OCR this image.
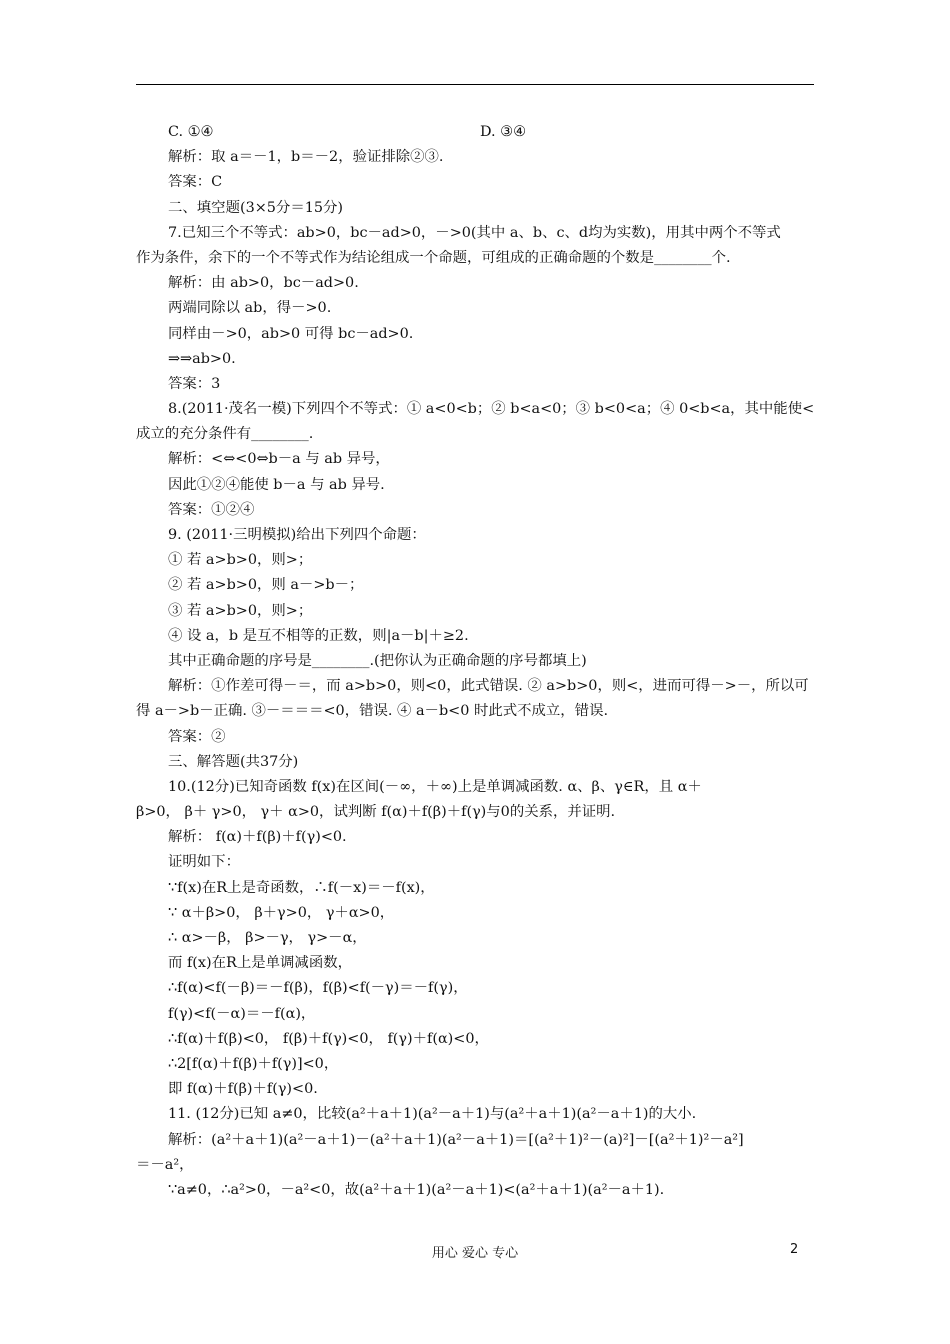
C. ①④	D. ③④
解析：取 a＝－1，b＝－2，验证排除②③.
答案：C
二、填空题(3×5分＝15分)
7.已知三个不等式：ab>0，bc－ad>0，－>0(其中 a、b、c、d均为实数)，用其中两个不等式
作为条件，余下的一个不等式作为结论组成一个命题，可组成的正确命题的个数是________个.
解析：由 ab>0，bc－ad>0.
两端同除以 ab，得－>0.
同样由－>0，ab>0 可得 bc－ad>0.
⇒⇒ab>0.
答案：3
8.(2011·茂名一模)下列四个不等式：① a<0<b；② b<a<0；③ b<0<a；④ 0<b<a，其中能使<
成立的充分条件有________.
解析：<⇔<0⇔b－a 与 ab 异号，
因此①②④能使 b－a 与 ab 异号.
答案：①②④
9. (2011·三明模拟)给出下列四个命题：
① 若 a>b>0，则>；
② 若 a>b>0，则 a－>b－；
③ 若 a>b>0，则>；
④ 设 a，b 是互不相等的正数，则|a－b|＋≥2.
其中正确命题的序号是________.(把你认为正确命题的序号都填上)
解析：①作差可得－＝，而 a>b>0，则<0，此式错误. ② a>b>0，则<，进而可得－>－，所以可
得 a－>b－正确. ③－＝＝＝<0，错误. ④ a－b<0 时此式不成立，错误.
答案：②
三、解答题(共37分)
10.(12分)已知奇函数 f(x)在区间(－∞，＋∞)上是单调减函数. α、β、γ∈R，且 α＋
β>0， β＋ γ>0， γ＋ α>0，试判断 f(α)＋f(β)＋f(γ)与0的关系，并证明.
解析： f(α)＋f(β)＋f(γ)<0.
证明如下：
∵f(x)在R上是奇函数，∴f(－x)＝－f(x)，
∵ α＋β>0， β＋γ>0， γ＋α>0，
∴ α>－β， β>－γ， γ>－α，
而 f(x)在R上是单调减函数，
∴f(α)<f(－β)＝－f(β)，f(β)<f(－γ)＝－f(γ)，
f(γ)<f(－α)＝－f(α)，
∴f(α)＋f(β)<0， f(β)＋f(γ)<0， f(γ)＋f(α)<0，
∴2[f(α)＋f(β)＋f(γ)]<0，
即 f(α)＋f(β)＋f(γ)<0.
11. (12分)已知 a≠0，比较(a²＋a＋1)(a²－a＋1)与(a²＋a＋1)(a²－a＋1)的大小.
解析：(a²＋a＋1)(a²－a＋1)－(a²＋a＋1)(a²－a＋1)＝[(a²＋1)²－(a)²]－[(a²＋1)²－a²]
＝－a²，
∵a≠0，∴a²>0，－a²<0，故(a²＋a＋1)(a²－a＋1)<(a²＋a＋1)(a²－a＋1).
用心 爱心 专心	2
